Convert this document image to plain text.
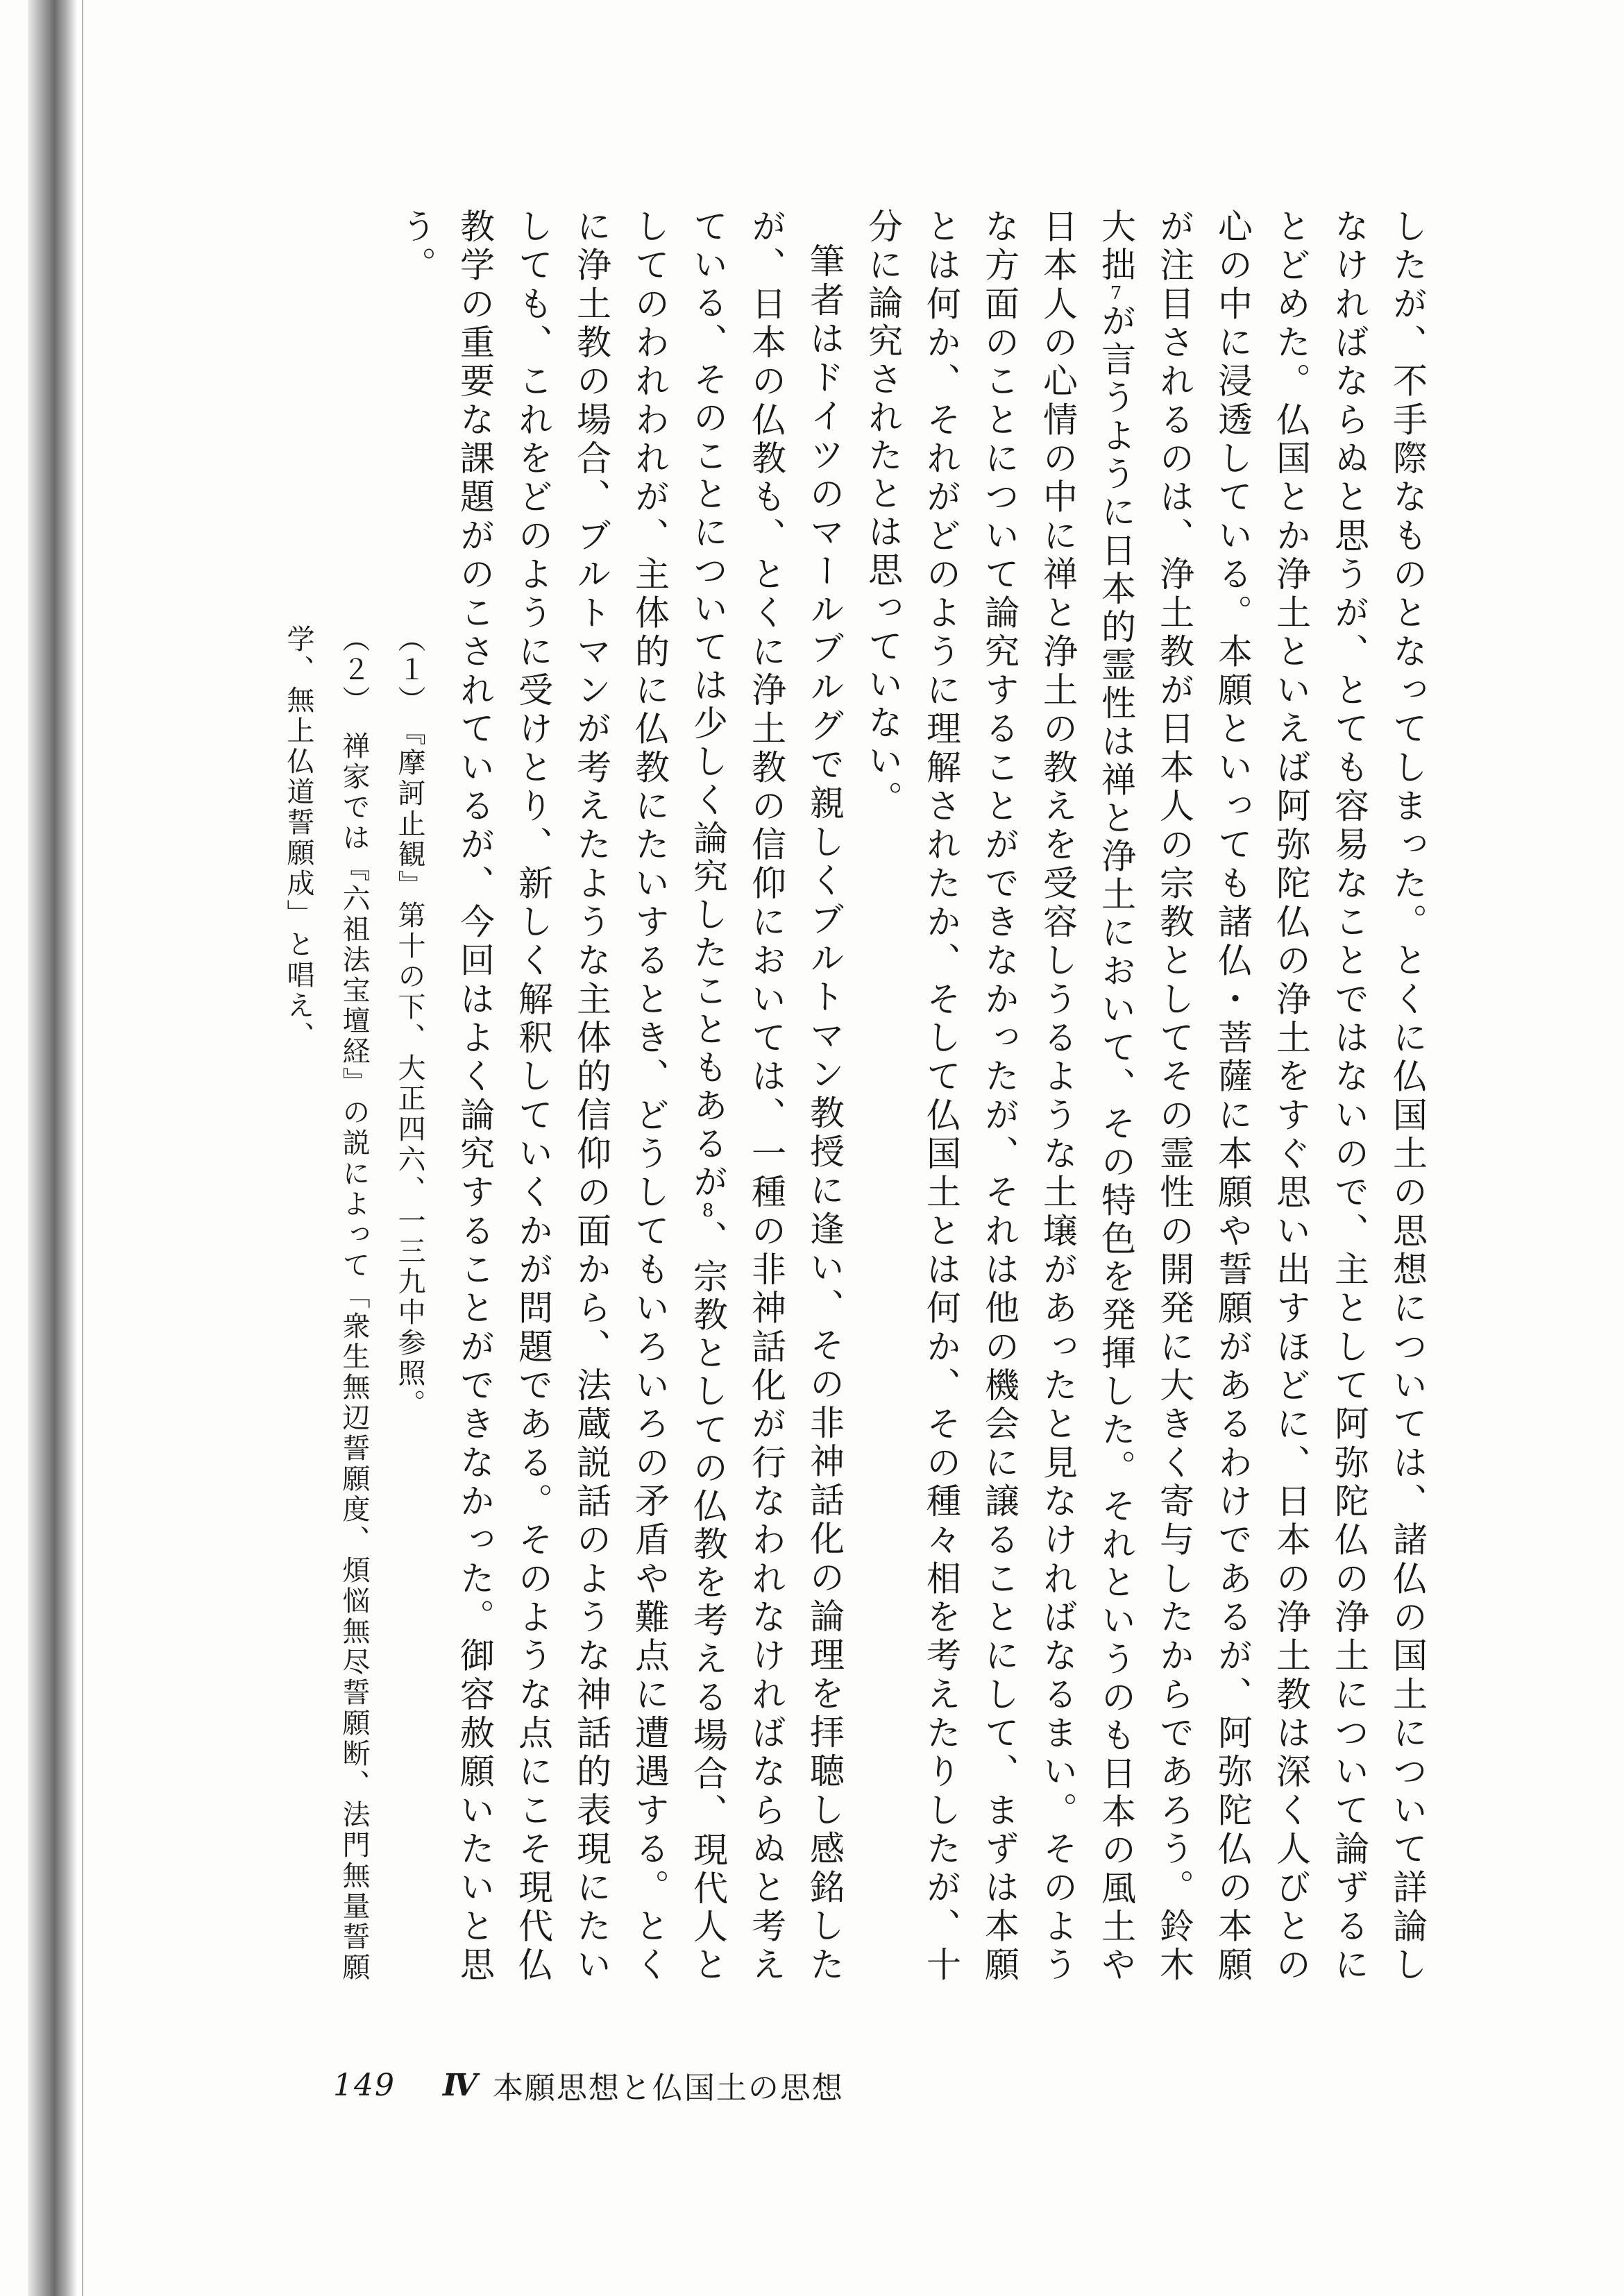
したが、不手際なものとなってしまった。とくに仏国土の思想については、諸仏の国土について詳論しなければならぬと思うが、とても容易なことではないので、主として阿弥陀仏の浄土について論ずるにとどめた。仏国とか浄土といえば阿弥陀仏の浄土をすぐ思い出すほどに、日本の浄土教は深く人びとの心の中に浸透している。本願といっても諸仏・菩薩に本願や誓願があるわけであるが、阿弥陀仏の本願が注目されるのは、浄土教が日本人の宗教としてその霊性の開発に大きく寄与したからであろう。鈴木大拙7が言うように日本的霊性は禅と浄土において、その特色を発揮した。それというのも日本の風土や日本人の心情の中に禅と浄土の教えを受容しうるような土壌があったと見なければなるまい。そのような方面のことについて論究することができなかったが、それは他の機会に譲ることにして、まずは本願とは何か、それがどのように理解されたか、そして仏国土とは何か、その種々相を考えたりしたが、十分に論究されたとは思っていない。

筆者はドイツのマールブルグで親しくブルトマン教授に逢い、その非神話化の論理を拝聴し感銘したが、日本の仏教も、とくに浄土教の信仰においては、一種の非神話化が行なわれなければならぬと考えている、そのことについては少しく論究したこともあるが8、宗教としての仏教を考える場合、現代人としてのわれわれが、主体的に仏教にたいするとき、どうしてもいろいろの矛盾や難点に遭遇する。とくに浄土教の場合、ブルトマンが考えたような主体的信仰の面から、法蔵説話のような神話的表現にたいしても、これをどのように受けとり、新しく解釈していくかが問題である。そのような点にこそ現代仏教学の重要な課題がのこされているが、今回はよく論究することができなかった。御容赦願いたいと思う。

（１）『摩訶止観』第十の下、大正四六、一三九中参照。

（２）禅家では『六祖法宝壇経』の説によって「衆生無辺誓願度、煩悩無尽誓願断、法門無量誓願学、無上仏道誓願成」と唱え、

149 Ⅳ 本願思想と仏国土の思想
